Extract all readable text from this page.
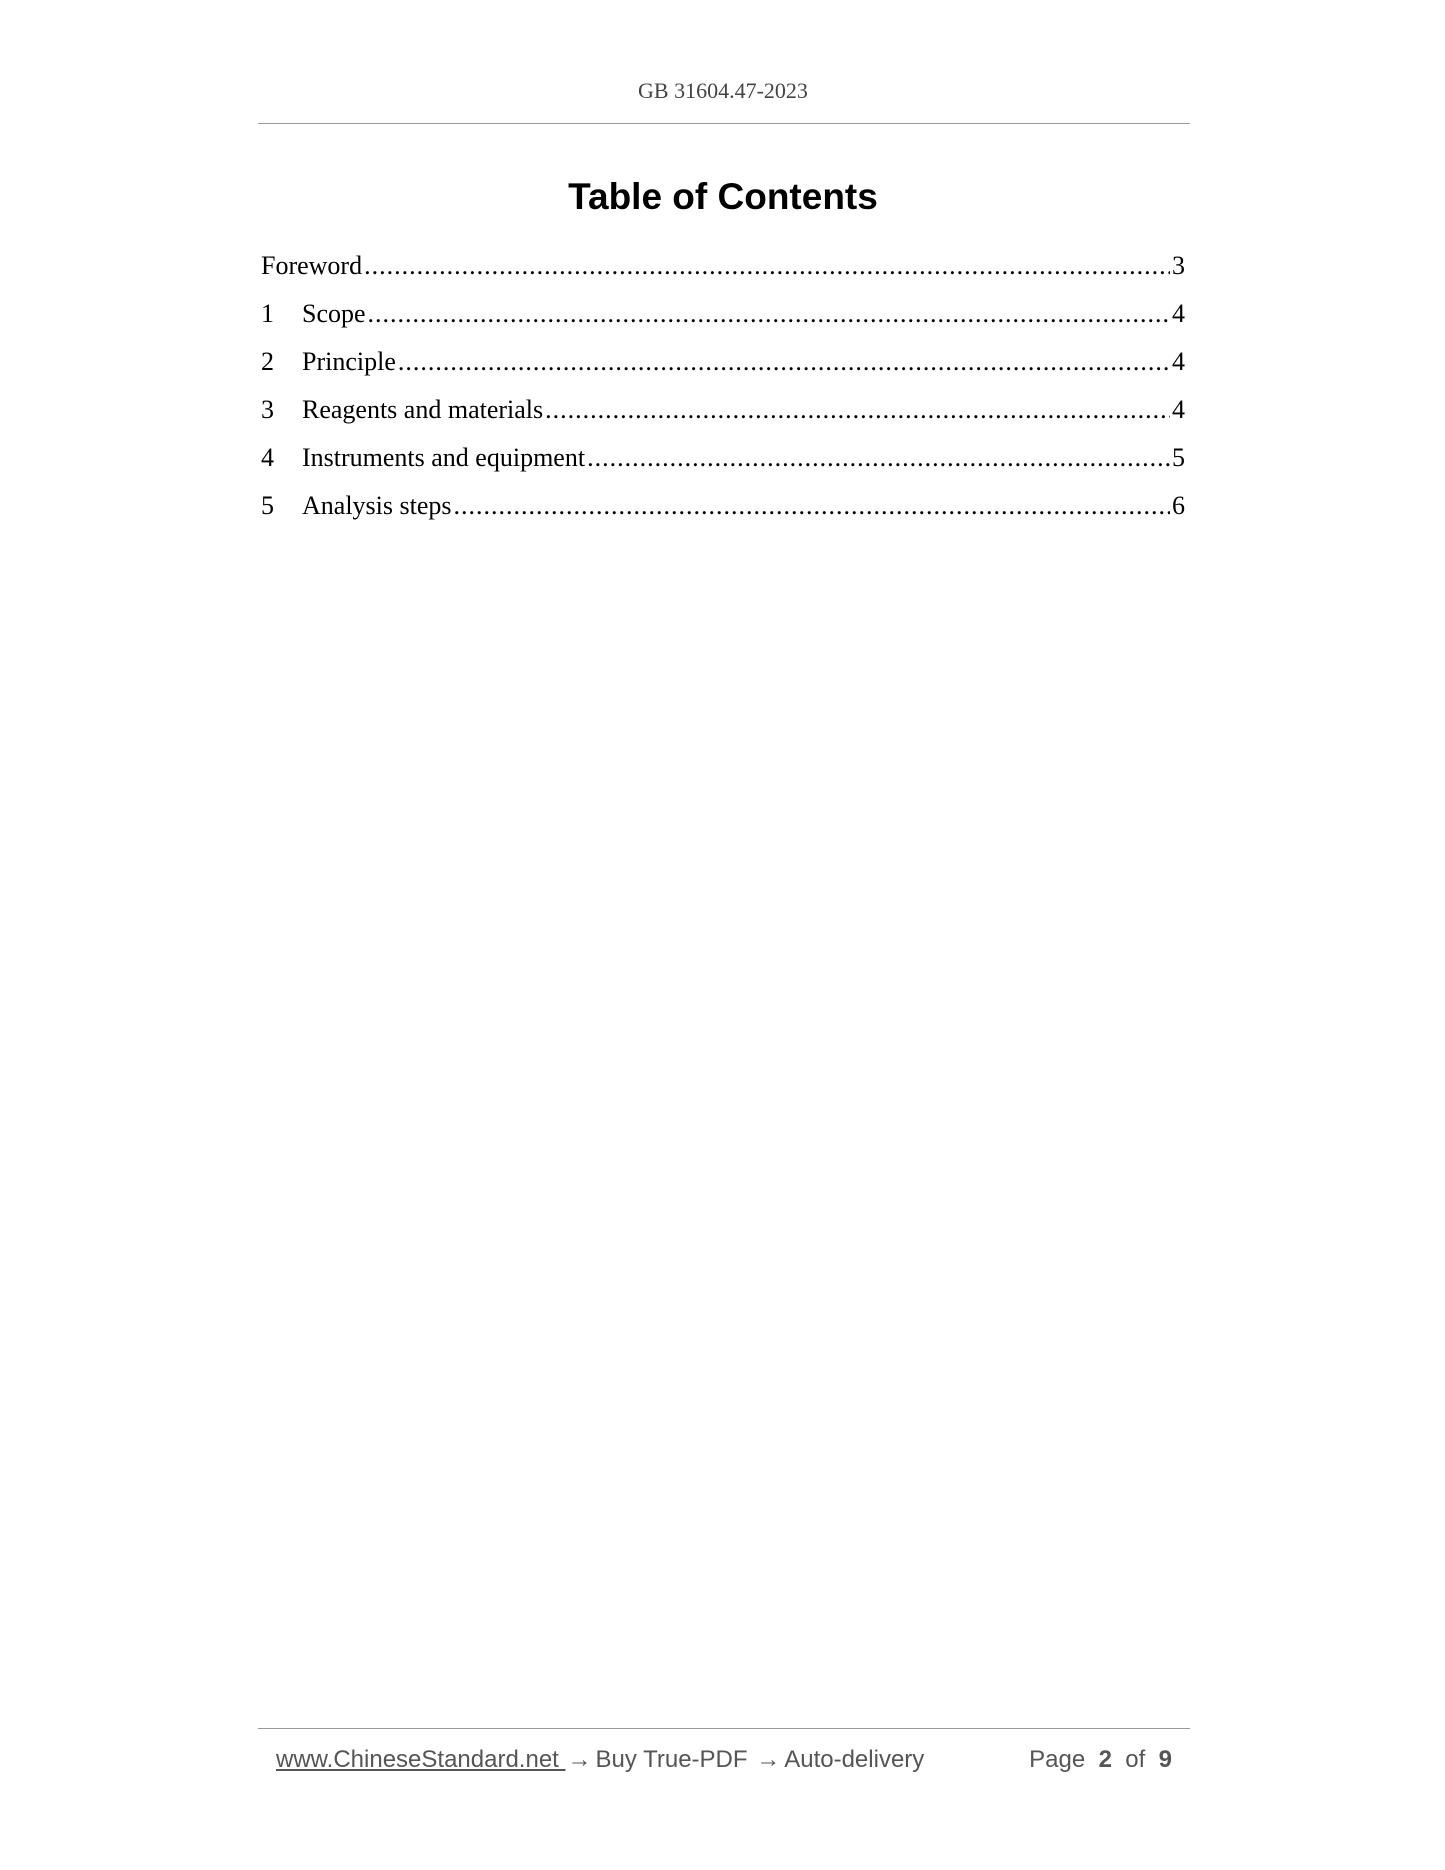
GB 31604.47-2023
Table of Contents
Foreword .....	3
1	Scope .....	4
2	Principle .....	4
3	Reagents and materials .....	4
4	Instruments and equipment .....	5
5	Analysis steps .....	6
www.ChineseStandard.net → Buy True-PDF → Auto-delivery	Page 2 of 9
